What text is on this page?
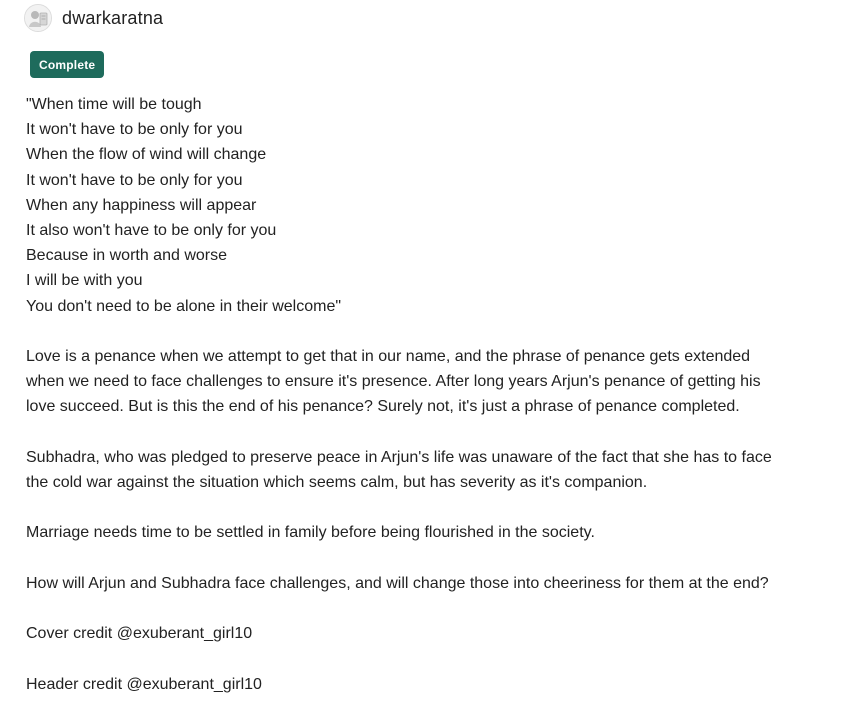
dwarkaratna
Complete
"When time will be tough
It won't have to be only for you
When the flow of wind will change
It won't have to be only for you
When any happiness will appear
It also won't have to be only for you
Because in worth and worse
I will be with you
You don't need to be alone in their welcome"
Love is a penance when we attempt to get that in our name, and the phrase of penance gets extended
when we need to face challenges to ensure it's presence. After long years Arjun's penance of getting his
love succeed. But is this the end of his penance? Surely not, it's just a phrase of penance completed.
Subhadra, who was pledged to preserve peace in Arjun's life was unaware of the fact that she has to face
the cold war against the situation which seems calm, but has severity as it's companion.
Marriage needs time to be settled in family before being flourished in the society.
How will Arjun and Subhadra face challenges, and will change those into cheeriness for them at the end?
Cover credit @exuberant_girl10
Header credit @exuberant_girl10
